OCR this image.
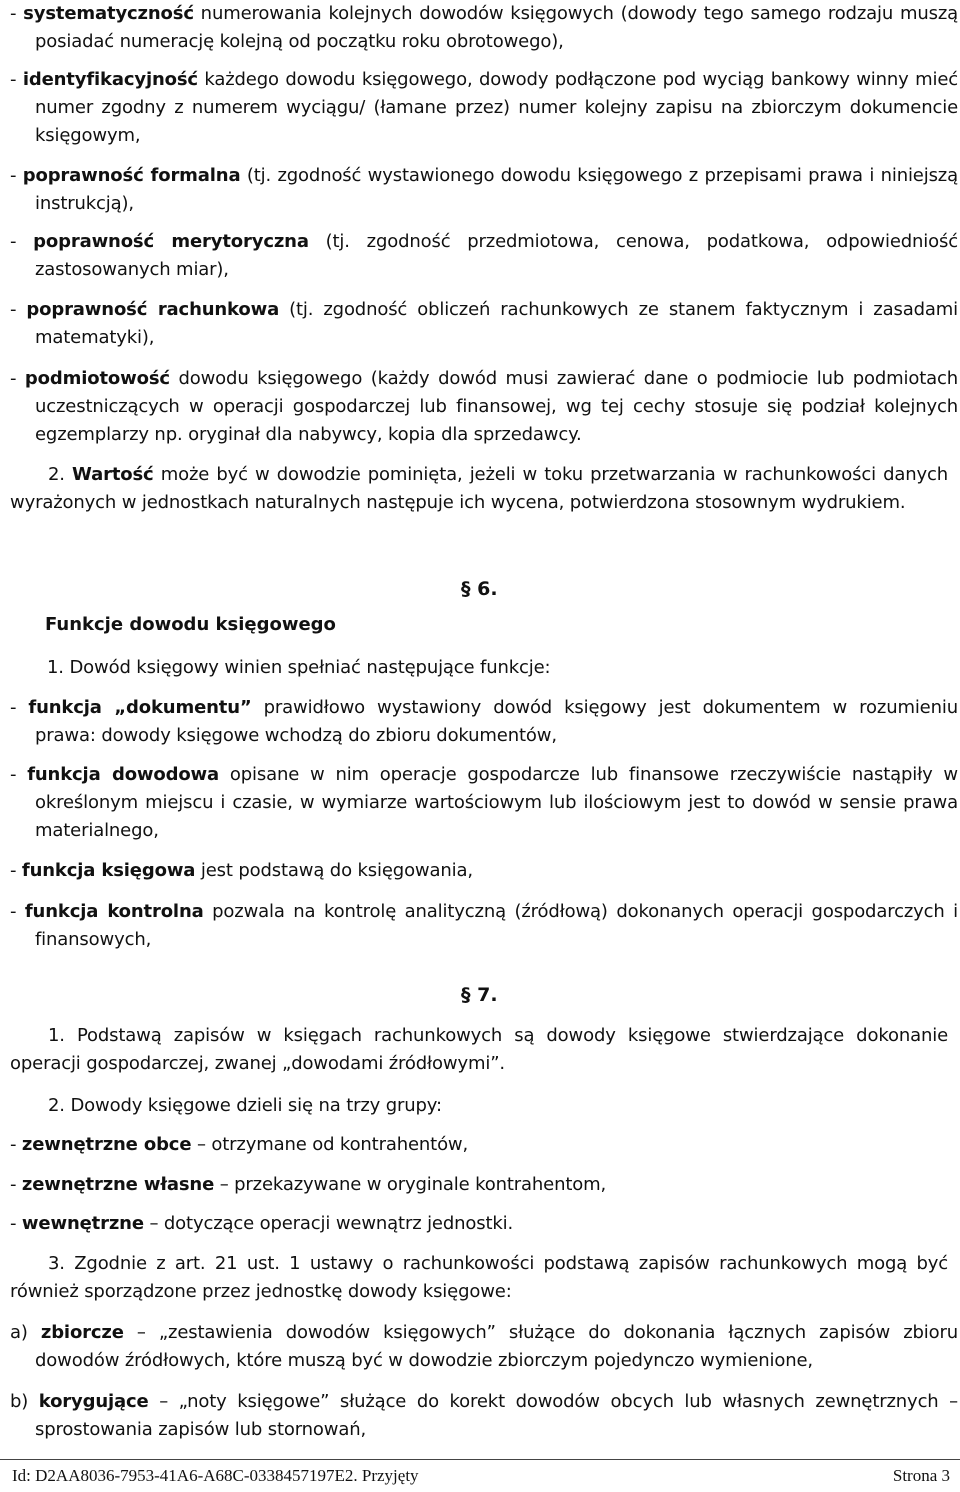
- systematyczność numerowania kolejnych dowodów księgowych (dowody tego samego rodzaju muszą posiadać numerację kolejną od początku roku obrotowego),
- identyfikacyjność każdego dowodu księgowego, dowody podłączone pod wyciąg bankowy winny mieć numer zgodny z numerem wyciągu/ (łamane przez) numer kolejny zapisu na zbiorczym dokumencie księgowym,
- poprawność formalna (tj. zgodność wystawionego dowodu księgowego z przepisami prawa i niniejszą instrukcją),
- poprawność merytoryczna (tj. zgodność przedmiotowa, cenowa, podatkowa, odpowiedniość zastosowanych miar),
- poprawność rachunkowa (tj. zgodność obliczeń rachunkowych ze stanem faktycznym i zasadami matematyki),
- podmiotowość dowodu księgowego (każdy dowód musi zawierać dane o podmiocie lub podmiotach uczestniczących w operacji gospodarczej lub finansowej, wg tej cechy stosuje się podział kolejnych egzemplarzy np. oryginał dla nabywcy, kopia dla sprzedawcy.
2. Wartość może być w dowodzie pominięta, jeżeli w toku przetwarzania w rachunkowości danych wyrażonych w jednostkach naturalnych następuje ich wycena, potwierdzona stosownym wydrukiem.
§ 6.
Funkcje dowodu księgowego
1. Dowód księgowy winien spełniać następujące funkcje:
- funkcja „dokumentu” prawidłowo wystawiony dowód księgowy jest dokumentem w rozumieniu prawa: dowody księgowe wchodzą do zbioru dokumentów,
- funkcja dowodowa opisane w nim operacje gospodarcze lub finansowe rzeczywiście nastąpiły w określonym miejscu i czasie, w wymiarze wartościowym lub ilościowym jest to dowód w sensie prawa materialnego,
- funkcja księgowa jest podstawą do księgowania,
- funkcja kontrolna pozwala na kontrolę analityczną (źródłową) dokonanych operacji gospodarczych i finansowych,
§ 7.
1. Podstawą zapisów w księgach rachunkowych są dowody księgowe stwierdzające dokonanie operacji gospodarczej, zwanej „dowodami źródłowymi”.
2. Dowody księgowe dzieli się na trzy grupy:
- zewnętrzne obce – otrzymane od kontrahentów,
- zewnętrzne własne – przekazywane w oryginale kontrahentom,
- wewnętrzne – dotyczące operacji wewnątrz jednostki.
3. Zgodnie z art. 21 ust. 1 ustawy o rachunkowości podstawą zapisów rachunkowych mogą być również sporządzone przez jednostkę dowody księgowe:
a) zbiorcze – „zestawienia dowodów księgowych” służące do dokonania łącznych zapisów zbioru dowodów źródłowych, które muszą być w dowodzie zbiorczym pojedynczo wymienione,
b) korygujące – „noty księgowe” służące do korekt dowodów obcych lub własnych zewnętrznych – sprostowania zapisów lub stornowań,
Id: D2AA8036-7953-41A6-A68C-0338457197E2. Przyjęty	Strona 3
